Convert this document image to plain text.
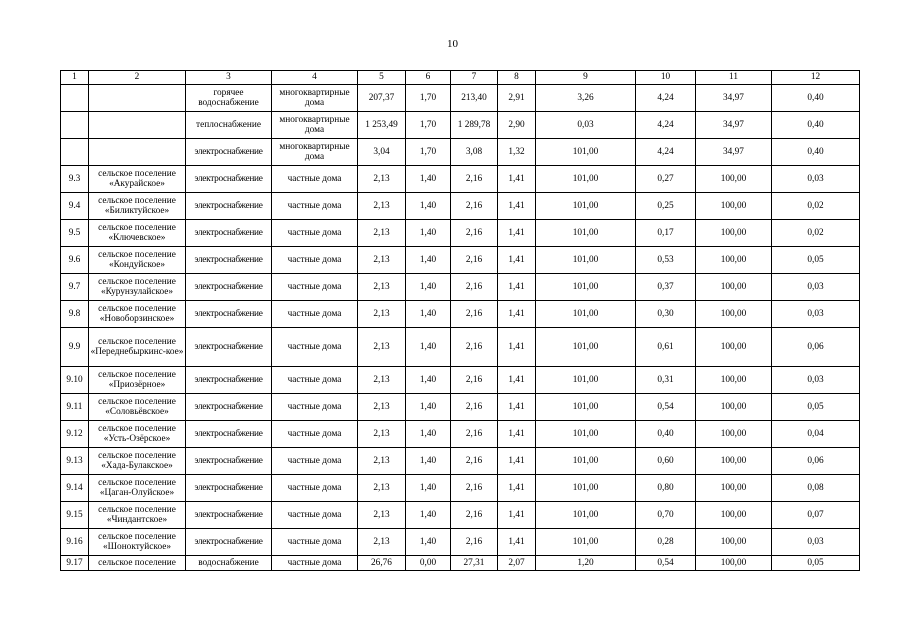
10
1	2	3	4	5	6	7	8	9	10	11	12
		горячее водоснабжение	многоквартирные дома	207,37	1,70	213,40	2,91	3,26	4,24	34,97	0,40
		теплоснабжение	многоквартирные дома	1 253,49	1,70	1 289,78	2,90	0,03	4,24	34,97	0,40
		электроснабжение	многоквартирные дома	3,04	1,70	3,08	1,32	101,00	4,24	34,97	0,40
9.3	сельское поселение «Акурайское»	электроснабжение	частные дома	2,13	1,40	2,16	1,41	101,00	0,27	100,00	0,03
9.4	сельское поселение «Биликтуйское»	электроснабжение	частные дома	2,13	1,40	2,16	1,41	101,00	0,25	100,00	0,02
9.5	сельское поселение «Ключевское»	электроснабжение	частные дома	2,13	1,40	2,16	1,41	101,00	0,17	100,00	0,02
9.6	сельское поселение «Кондуйское»	электроснабжение	частные дома	2,13	1,40	2,16	1,41	101,00	0,53	100,00	0,05
9.7	сельское поселение «Курунзулайское»	электроснабжение	частные дома	2,13	1,40	2,16	1,41	101,00	0,37	100,00	0,03
9.8	сельское поселение «Новоборзинское»	электроснабжение	частные дома	2,13	1,40	2,16	1,41	101,00	0,30	100,00	0,03
9.9	сельское поселение «Переднебыркинс-кое»	электроснабжение	частные дома	2,13	1,40	2,16	1,41	101,00	0,61	100,00	0,06
9.10	сельское поселение «Приозёрное»	электроснабжение	частные дома	2,13	1,40	2,16	1,41	101,00	0,31	100,00	0,03
9.11	сельское поселение «Соловьёвское»	электроснабжение	частные дома	2,13	1,40	2,16	1,41	101,00	0,54	100,00	0,05
9.12	сельское поселение «Усть-Озёрское»	электроснабжение	частные дома	2,13	1,40	2,16	1,41	101,00	0,40	100,00	0,04
9.13	сельское поселение «Хада-Булакское»	электроснабжение	частные дома	2,13	1,40	2,16	1,41	101,00	0,60	100,00	0,06
9.14	сельское поселение «Цаган-Олуйское»	электроснабжение	частные дома	2,13	1,40	2,16	1,41	101,00	0,80	100,00	0,08
9.15	сельское поселение «Чиндантское»	электроснабжение	частные дома	2,13	1,40	2,16	1,41	101,00	0,70	100,00	0,07
9.16	сельское поселение «Шоноктуйское»	электроснабжение	частные дома	2,13	1,40	2,16	1,41	101,00	0,28	100,00	0,03
9.17	сельское поселение	водоснабжение	частные дома	26,76	0,00	27,31	2,07	1,20	0,54	100,00	0,05
